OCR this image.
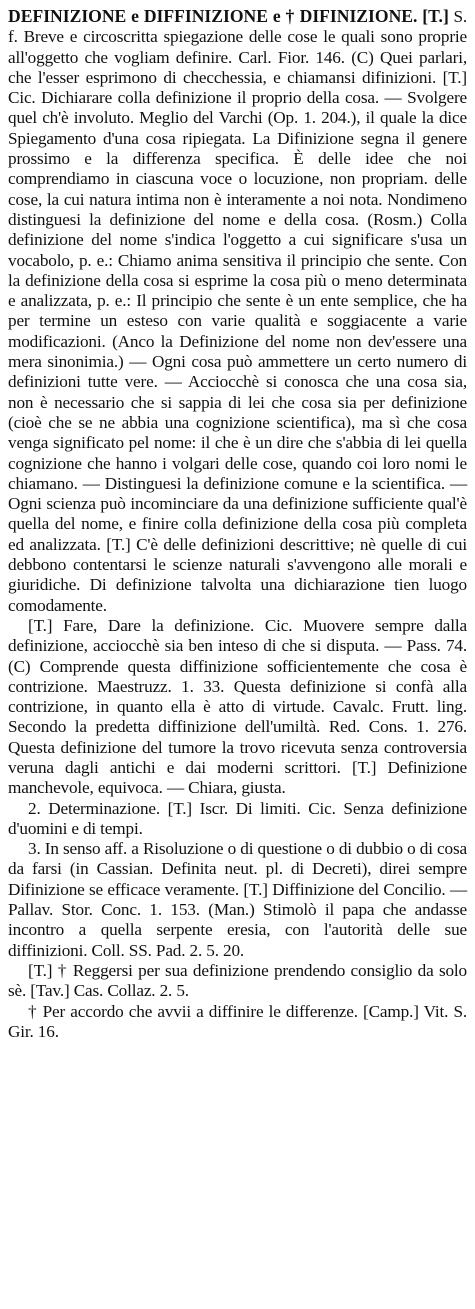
DEFINIZIONE e DIFFINIZIONE e † DIFINIZIONE. [T.] S. f. Breve e circoscritta spiegazione delle cose le quali sono proprie all'oggetto che vogliam definire. Carl. Fior. 146. (C) Quei parlari, che l'esser esprimono di checchessia, e chiamansi difinizioni. [T.] Cic. Dichiarare colla definizione il proprio della cosa. — Svolgere quel ch'è involuto. Meglio del Varchi (Op. 1. 204.), il quale la dice Spiegamento d'una cosa ripiegata. La Difinizione segna il genere prossimo e la differenza specifica. È delle idee che noi comprendiamo in ciascuna voce o locuzione, non propriam. delle cose, la cui natura intima non è interamente a noi nota. Nondimeno distinguesi la definizione del nome e della cosa. (Rosm.) Colla definizione del nome s'indica l'oggetto a cui significare s'usa un vocabolo, p. e.: Chiamo anima sensitiva il principio che sente. Con la definizione della cosa si esprime la cosa più o meno determinata e analizzata, p. e.: Il principio che sente è un ente semplice, che ha per termine un esteso con varie qualità e soggiacente a varie modificazioni. (Anco la Definizione del nome non dev'essere una mera sinonimia.) — Ogni cosa può ammettere un certo numero di definizioni tutte vere. — Acciocchè si conosca che una cosa sia, non è necessario che si sappia di lei che cosa sia per definizione (cioè che se ne abbia una cognizione scientifica), ma sì che cosa venga significato pel nome: il che è un dire che s'abbia di lei quella cognizione che hanno i volgari delle cose, quando coi loro nomi le chiamano. — Distinguesi la definizione comune e la scientifica. — Ogni scienza può incominciare da una definizione sufficiente qual'è quella del nome, e finire colla definizione della cosa più completa ed analizzata. [T.] C'è delle definizioni descrittive; nè quelle di cui debbono contentarsi le scienze naturali s'avvengono alle morali e giuridiche. Di definizione talvolta una dichiarazione tien luogo comodamente.

[T.] Fare, Dare la definizione. Cic. Muovere sempre dalla definizione, acciocchè sia ben inteso di che si disputa. — Pass. 74. (C) Comprende questa diffinizione sofficientemente che cosa è contrizione. Maestruzz. 1. 33. Questa definizione si confà alla contrizione, in quanto ella è atto di virtude. Cavalc. Frutt. ling. Secondo la predetta diffinizione dell'umiltà. Red. Cons. 1. 276. Questa definizione del tumore la trovo ricevuta senza controversia veruna dagli antichi e dai moderni scrittori. [T.] Definizione manchevole, equivoca. — Chiara, giusta.

2. Determinazione. [T.] Iscr. Di limiti. Cic. Senza definizione d'uomini e di tempi.

3. In senso aff. a Risoluzione o di questione o di dubbio o di cosa da farsi (in Cassian. Definita neut. pl. di Decreti), direi sempre Difinizione se efficace veramente. [T.] Diffinizione del Concilio. — Pallav. Stor. Conc. 1. 153. (Man.) Stimolò il papa che andasse incontro a quella serpente eresia, con l'autorità delle sue diffinizioni. Coll. SS. Pad. 2. 5. 20.

[T.] † Reggersi per sua definizione prendendo consiglio da solo sè. [Tav.] Cas. Collaz. 2. 5.

† Per accordo che avvii a diffinire le differenze. [Camp.] Vit. S. Gir. 16.
